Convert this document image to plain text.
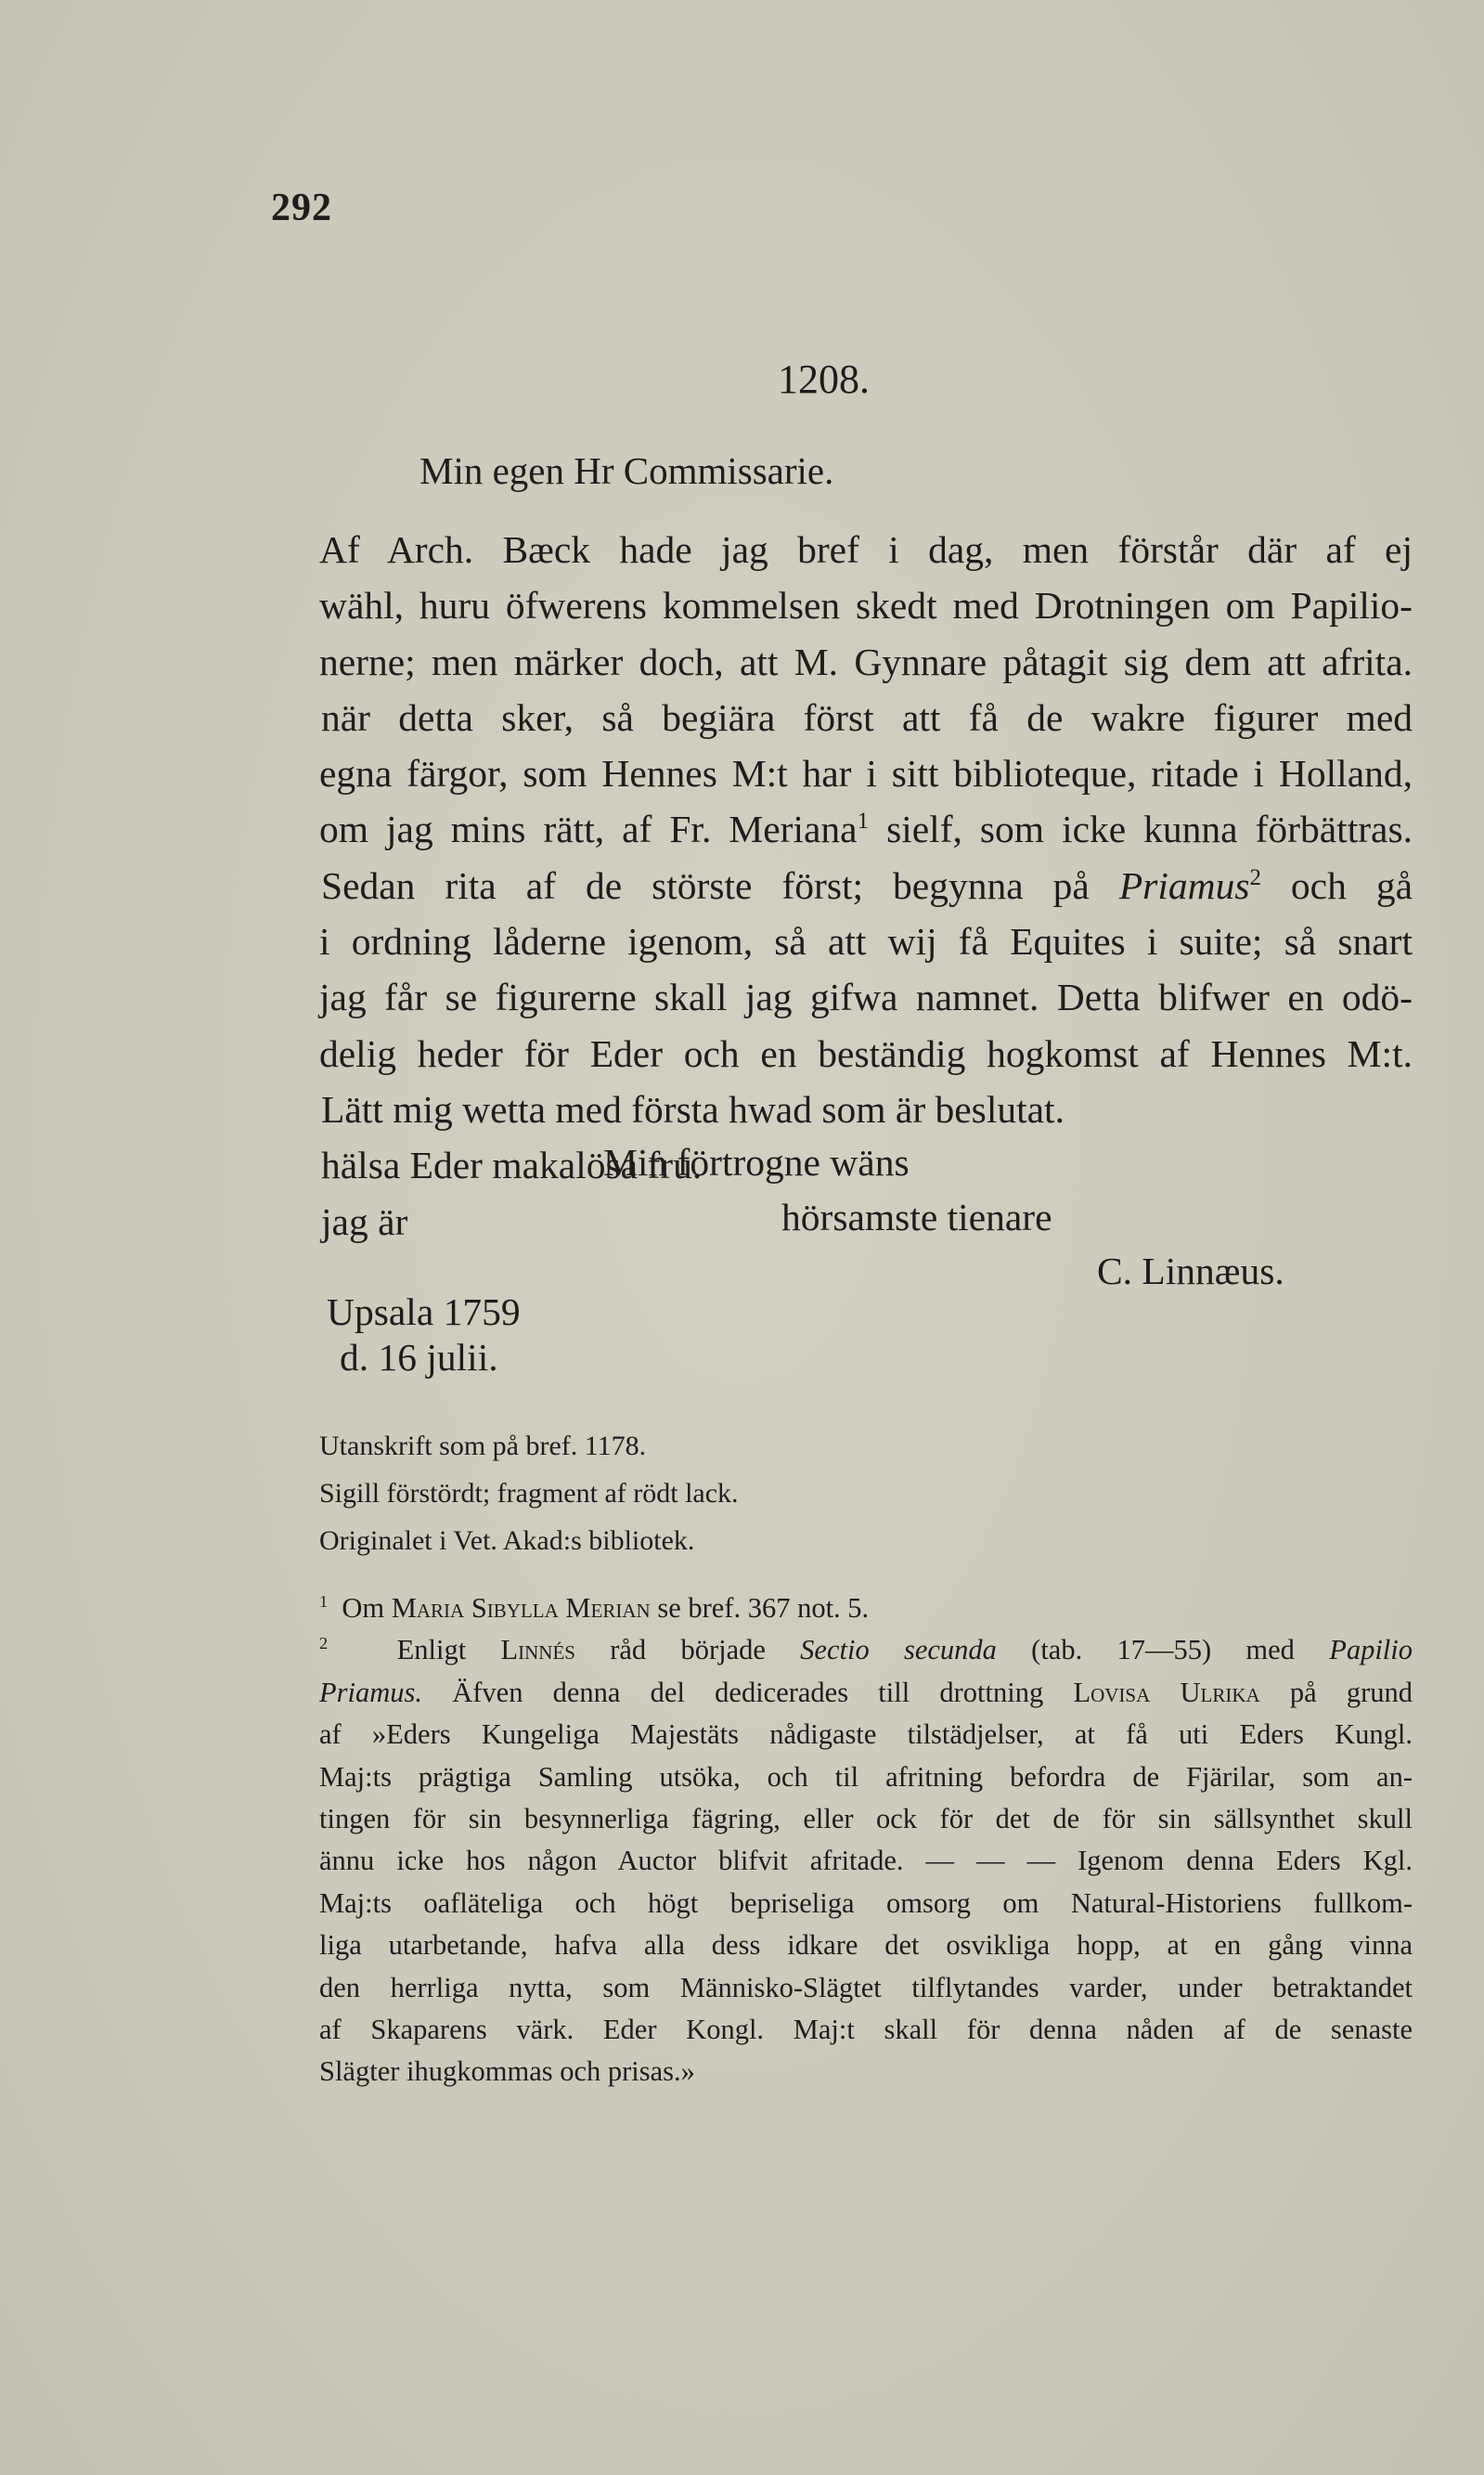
292
1208.
Min egen Hr Commissarie.
Af Arch. Bæck hade jag bref i dag, men förstår där af ej
wähl, huru öfwerens kommelsen skedt med Drotningen om Papilio-
nerne; men märker doch, att M. Gynnare påtagit sig dem att afrita.
när detta sker, så begiära först att få de wakre figurer med
egna färgor, som Hennes M:t har i sitt biblioteque, ritade i Holland,
om jag mins rätt, af Fr. Meriana$^1$ sielf, som icke kunna förbättras.
Sedan rita af de störste först; begynna på Priamus$^2$ och gå
i ordning låderne igenom, så att wij få Equites i suite; så snart
jag får se figurerne skall jag gifwa namnet. Detta blifwer en odö-
delig heder för Eder och en beständig hogkomst af Hennes M:t.
Lätt mig wetta med första hwad som är beslutat.
hälsa Eder makalösa fru.
jag är
Min förtrogne wäns
hörsamste tienare
C. Linnæus.
Upsala 1759
d. 16 julii.
Utanskrift som på bref. 1178.
Sigill förstördt; fragment af rödt lack.
Originalet i Vet. Akad:s bibliotek.
$^1$ Om Maria Sibylla Merian se bref. 367 not. 5.
$^2$ Enligt Linnés råd började Sectio secunda (tab. 17—55) med Papilio
Priamus. Äfven denna del dedicerades till drottning Lovisa Ulrika på grund
af »Eders Kungeliga Majestäts nådigaste tilstädjelser, at få uti Eders Kungl.
Maj:ts prägtiga Samling utsöka, och til afritning befordra de Fjärilar, som an-
tingen för sin besynnerliga fägring, eller ock för det de för sin sällsynthet skull
ännu icke hos någon Auctor blifvit afritade. — — — Igenom denna Eders Kgl.
Maj:ts oafläteliga och högt bepriseliga omsorg om Natural-Historiens fullkom-
liga utarbetande, hafva alla dess idkare det osvikliga hopp, at en gång vinna
den herrliga nytta, som Människo-Slägtet tilflytandes varder, under betraktandet
af Skaparens värk. Eder Kongl. Maj:t skall för denna nåden af de senaste
Slägter ihugkommas och prisas.»
